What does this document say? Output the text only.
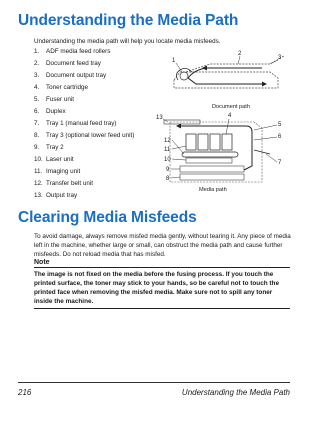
Understanding the Media Path
Understanding the media path will help you locate media misfeeds.
1.	ADF media feed rollers
2.	Document feed tray
3.	Document output tray
4.	Toner cartridge
5.	Fuser unit
6.	Duplex
7.	Tray 1 (manual feed tray)
8.	Tray 3 (optional lower feed unit)
9.	Tray 2
10. Laser unit
11. Imaging unit
12. Transfer belt unit
13. Output tray
1
2
3
Document path
13	4
5
6
12
11
10
9
8
7
Media path
Clearing Media Misfeeds
To avoid damage, always remove misfed media gently, without tearing it. Any piece of media left in the machine, whether large or small, can obstruct the media path and cause further misfeeds. Do not reload media that has misfed.
Note
The image is not fixed on the media before the fusing process. If you touch the printed surface, the toner may stick to your hands, so be careful not to touch the printed face when removing the misfed media. Make sure not to spill any toner inside the machine.
216	Understanding the Media Path
